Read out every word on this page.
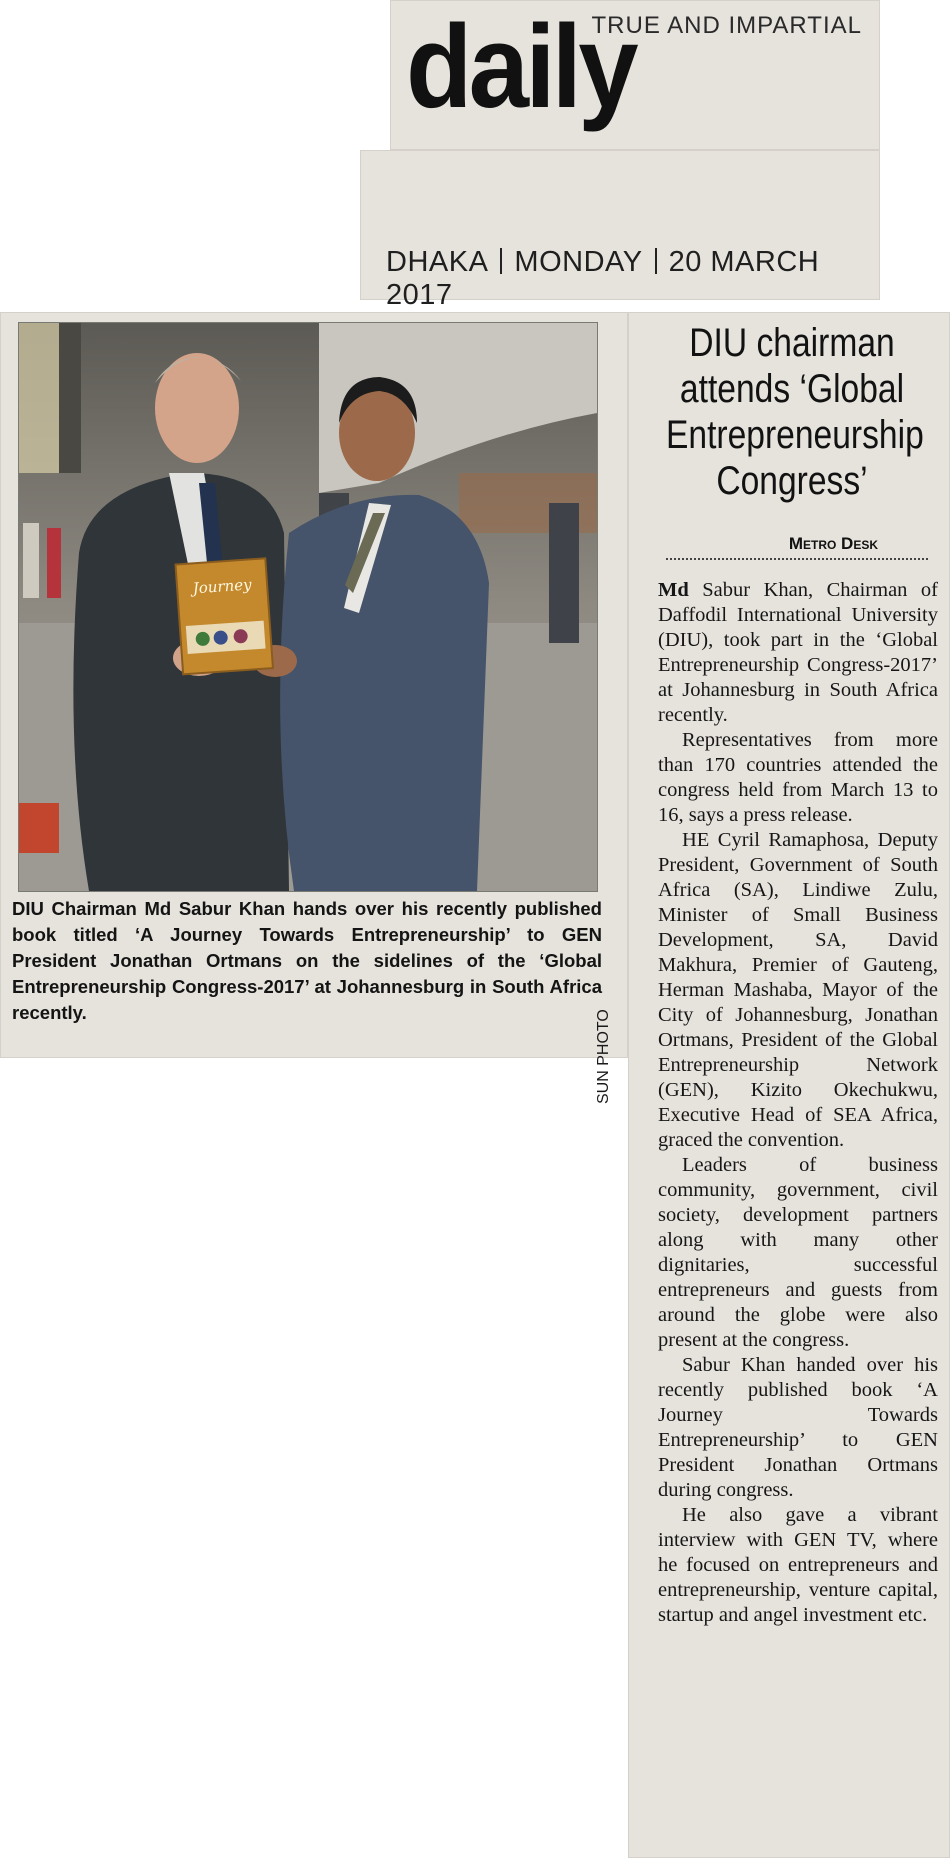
TRUE AND IMPARTIAL
daily
DHAKA MONDAY 20 MARCH 2017
Journey
SUN PHOTO
DIU Chairman Md Sabur Khan hands over his recently published book titled ‘A Journey Towards Entrepreneurship’ to GEN President Jonathan Ortmans on the sidelines of the ‘Global Entrepreneurship Congress-2017’ at Johannesburg in South Africa recently.
DIU chairman attends ‘Global Entrepreneurship Congress’
Metro Desk

Md Sabur Khan, Chairman of Daffodil International University (DIU), took part in the ‘Global Entrepreneurship Congress-2017’ at Johannesburg in South Africa recently.

Representatives from more than 170 countries attended the congress held from March 13 to 16, says a press release.

HE Cyril Ramaphosa, Deputy President, Government of South Africa (SA), Lindiwe Zulu, Minister of Small Business Development, SA, David Makhura, Premier of Gauteng, Herman Mashaba, Mayor of the City of Johannesburg, Jonathan Ortmans, President of the Global Entrepreneurship Network (GEN), Kizito Okechukwu, Executive Head of SEA Africa, graced the convention.

Leaders of business community, government, civil society, development partners along with many other dignitaries, successful entrepreneurs and guests from around the globe were also present at the congress.

Sabur Khan handed over his recently published book ‘A Journey Towards Entrepreneurship’ to GEN President Jonathan Ortmans during congress.

He also gave a vibrant interview with GEN TV, where he focused on entrepreneurs and entrepreneurship, venture capital, startup and angel investment etc.
